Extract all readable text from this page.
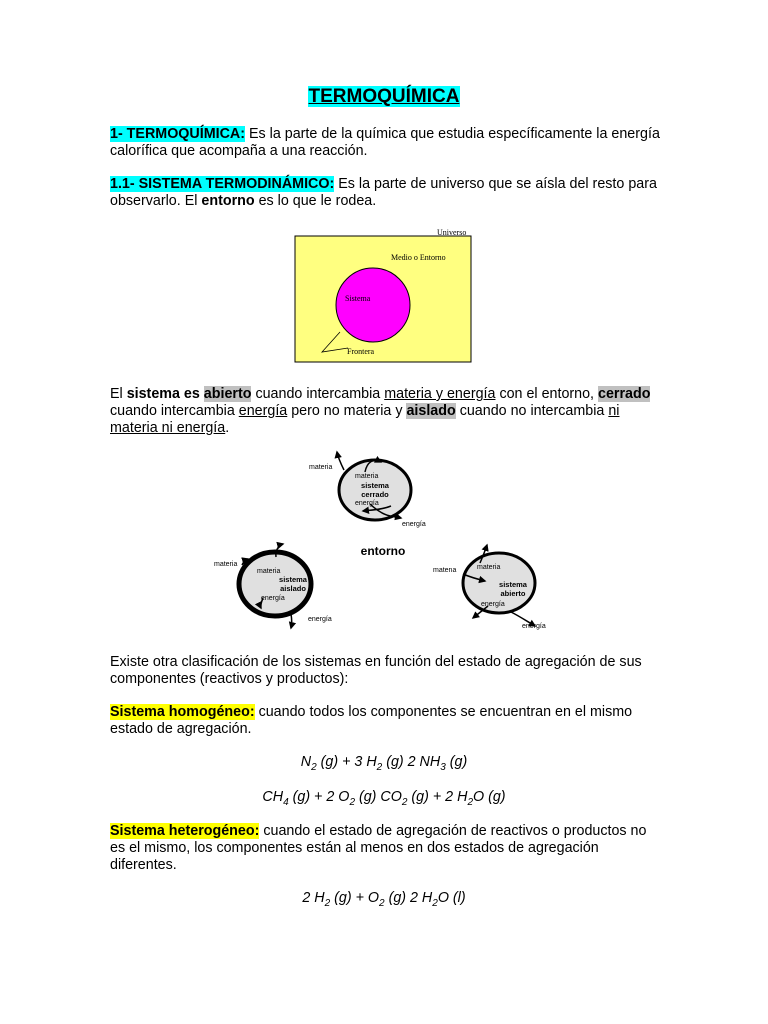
TERMOQUÍMICA
1- TERMOQUÍMICA: Es la parte de la química que estudia específicamente la energía calorífica que acompaña a una reacción.
1.1- SISTEMA TERMODINÁMICO: Es la parte de universo que se aísla del resto para observarlo. El entorno es lo que le rodea.
Universo
Medio o Entorno
Sistema
Frontera
El sistema es abierto cuando intercambia materia y energía con el entorno, cerrado cuando intercambia energía pero no materia y aislado cuando no intercambia ni materia ni energía.
materia
materia
sistema
cerrado
energía
energía
entorno
materia
materia
sistema
aislado
energía
energía
matena	materia
sistema
abierto
energía
energía
Existe otra clasificación de los sistemas en función del estado de agregación de sus componentes (reactivos y productos):
Sistema homogéneo: cuando todos los componentes se encuentran en el mismo estado de agregación.
$N_2$ (g) + 3 $H_2$ (g) 2 $NH_3$ (g)
$CH_4$ (g) + 2 $O_2$ (g) $CO_2$ (g) + 2 $H_2O$ (g)
Sistema heterogéneo: cuando el estado de agregación de reactivos o productos no es el mismo, los componentes están al menos en dos estados de agregación diferentes.
2 $H_2$ $(g) + O_2$ (g) 2 $H_2O$ (l)
